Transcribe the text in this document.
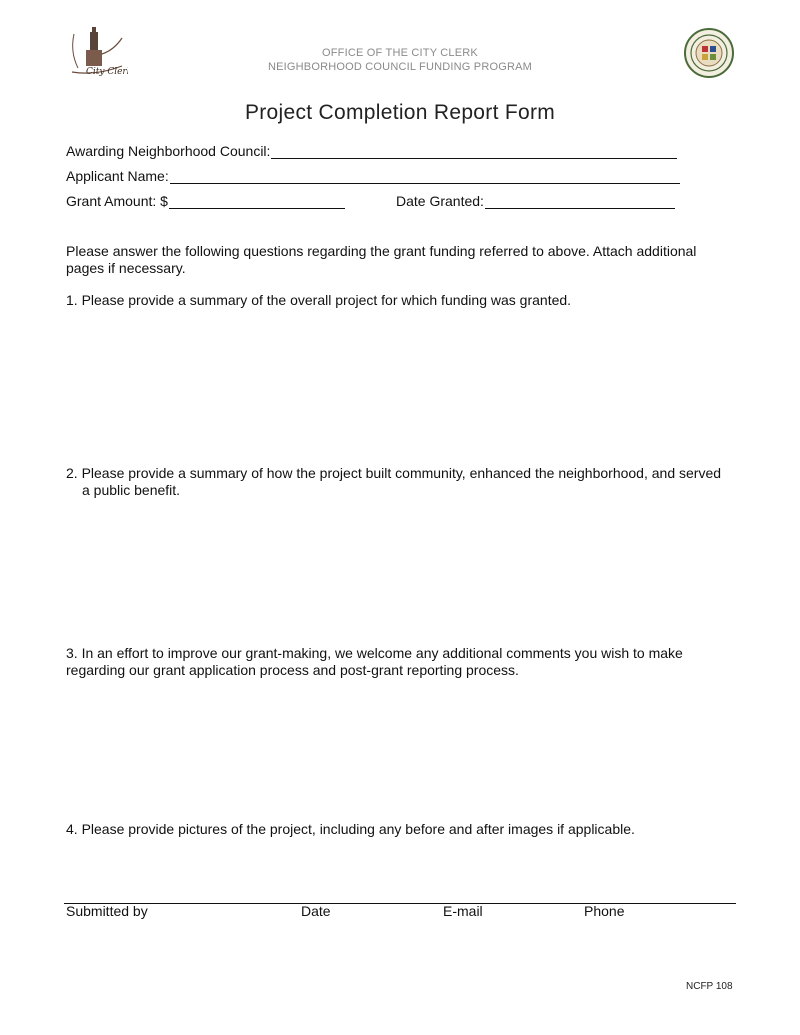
City Clerk
OFFICE OF THE CITY CLERK
NEIGHBORHOOD COUNCIL FUNDING PROGRAM
Project Completion Report Form
Awarding Neighborhood Council:
Applicant Name:
Grant Amount: $	Date Granted:
Please answer the following questions regarding the grant funding referred to above. Attach additional pages if necessary.
1. Please provide a summary of the overall project for which funding was granted.
2. Please provide a summary of how the project built community, enhanced the neighborhood, and served a public benefit.
3. In an effort to improve our grant-making, we welcome any additional comments you wish to make regarding our grant application process and post-grant reporting process.
4. Please provide pictures of the project, including any before and after images if applicable.
Submitted by	Date	E-mail	Phone
NCFP 108
